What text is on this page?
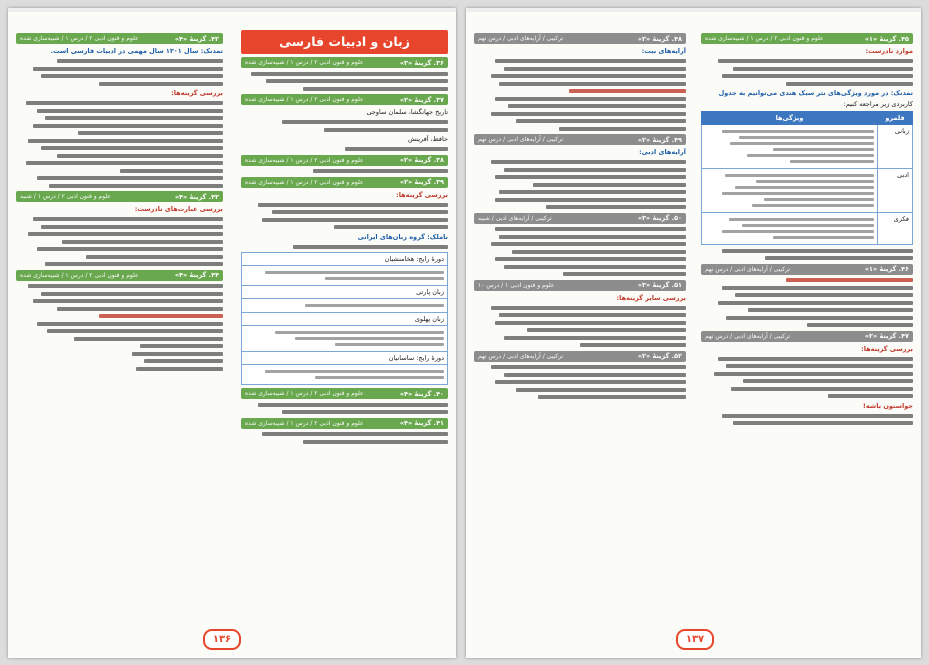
زبان و ادبیات فارسی
۳۶. گزینهٔ «۳»
علوم و فنون ادبی ۲ / درس ۱ / شبیه‌سازی شده
۳۷. گزینهٔ «۳»
علوم و فنون ادبی ۲ / درس ۱ / شبیه‌سازی شده
تاریخ جهانگشا، سلمان ساوجی
حافظ، آفرینش
۳۸. گزینهٔ «۲»
علوم و فنون ادبی ۲ / درس ۱ / شبیه‌سازی شده
۳۹. گزینهٔ «۲»
علوم و فنون ادبی ۲ / درس ۱ / شبیه‌سازی شده
بررسی گزینه‌ها:
ناملک: گروه زبان‌های ایرانی
دورهٔ رایج: هخامنشیان

زبان پارتی

زبان پهلوی

دورهٔ رایج: ساسانیان

۴۰. گزینهٔ «۴»
علوم و فنون ادبی ۲ / درس ۱ / شبیه‌سازی شده
۴۱. گزینهٔ «۴»
علوم و فنون ادبی ۲ / درس ۱ / شبیه‌سازی شده
۴۲. گزینهٔ «۴»
علوم و فنون ادبی ۲ / درس ۱ / شبیه‌سازی شده
تمدنک: سال ۱۳۰۱ سال مهمی در ادبیات فارسی است.
بررسی گزینه‌ها:
۴۳. گزینهٔ «۴»
علوم و فنون ادبی ۲ / درس ۱ / شبیه
بررسی عبارت‌های نادرست:
۴۴. گزینهٔ «۴»
علوم و فنون ادبی ۲ / درس ۱ / شبیه‌سازی شده
۱۳۶
۴۵. گزینهٔ «۱»
علوم و فنون ادبی ۲ / درس ۱ / شبیه‌سازی شده
موارد نادرست:
تمدنک: در مورد ویژگی‌های نثر سبک هندی می‌توانیم به جدول
کاربردی زیر مراجعه کنیم:
قلمرو	ویژگی‌ها
زبانی	

ادبی	

فکری	
۴۶. گزینهٔ «۱»
ترکیبی / آرایه‌های ادبی / درس نهم
۴۷. گزینهٔ «۲»
ترکیبی / آرایه‌های ادبی / درس نهم
بررسی گزینه‌ها:
جواستون باشه!
۴۸. گزینهٔ «۲»
ترکیبی / آرایه‌های ادبی / درس نهم
آرایه‌های بیت:
۴۹. گزینهٔ «۲»
ترکیبی / آرایه‌های ادبی / درس نهم
آرایه‌های ادبی:
۵۰. گزینهٔ «۳»
ترکیبی / آرایه‌های ادبی / شبیه
۵۱. گزینهٔ «۳»
علوم و فنون ادبی ۱ / درس ۱۰
بررسی سایر گزینه‌ها:
۵۲. گزینهٔ «۲»
ترکیبی / آرایه‌های ادبی / درس نهم
۱۳۷
